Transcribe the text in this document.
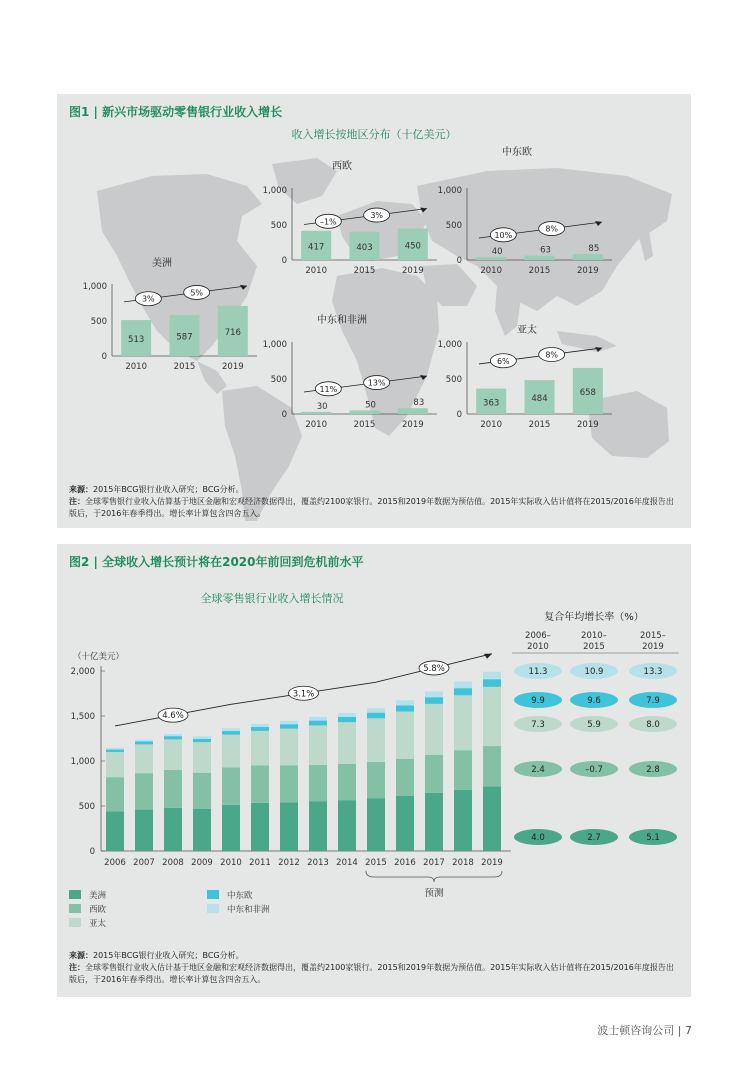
图1 | 新兴市场驱动零售银行业收入增长
收入增长按地区分布（十亿美元）
美洲
1,000
500
0
513
2010
587
2015
716
2019
3%
5%
西欧
1,000
500
0
417
2010
403
2015
450
2019
–1%
3%
中东欧
1,000
500
0
40
2010
63
2015
85
2019
10%
8%
中东和非洲
1,000
500
0
30
2010
50
2015
83
2019
11%
13%
亚太
1,000
500
0
363
2010
484
2015
658
2019
6%
8%
来源：2015年BCG银行业收入研究；BCG分析。
注：全球零售银行业收入估算基于地区金融和宏观经济数据得出，覆盖约2100家银行。2015和2019年数据为预估值。2015年实际收入估计值将在2015/2016年度报告出版后，于2016年春季得出。增长率计算包含四舍五入。
图2 | 全球收入增长预计将在2020年前回到危机前水平
全球零售银行业收入增长情况
（十亿美元）
2,000
1,500
1,000
500
0
2006 2007 2008 2009 2010 2011 2012 2013 2014 2015 2016 2017 2018 2019
预测
4.6%
3.1%
5.8%
美洲
西欧
亚太
中东欧
中东和非洲
复合年均增长率（%）
2006–
2010
2010–
2015
2015–
2019
11.3	10.9	13.3
9.9	9.6	7.9
7.3	5.9	8.0
2.4	–0.7	2.8
4.0	2.7	5.1
来源：2015年BCG银行业收入研究；BCG分析。
注：全球零售银行业收入估计基于地区金融和宏观经济数据得出，覆盖约2100家银行。2015和2019年数据为预估值。2015年实际收入估计值将在2015/2016年度报告出版后，于2016年春季得出。增长率计算包含四舍五入。
波士顿咨询公司 | 7
